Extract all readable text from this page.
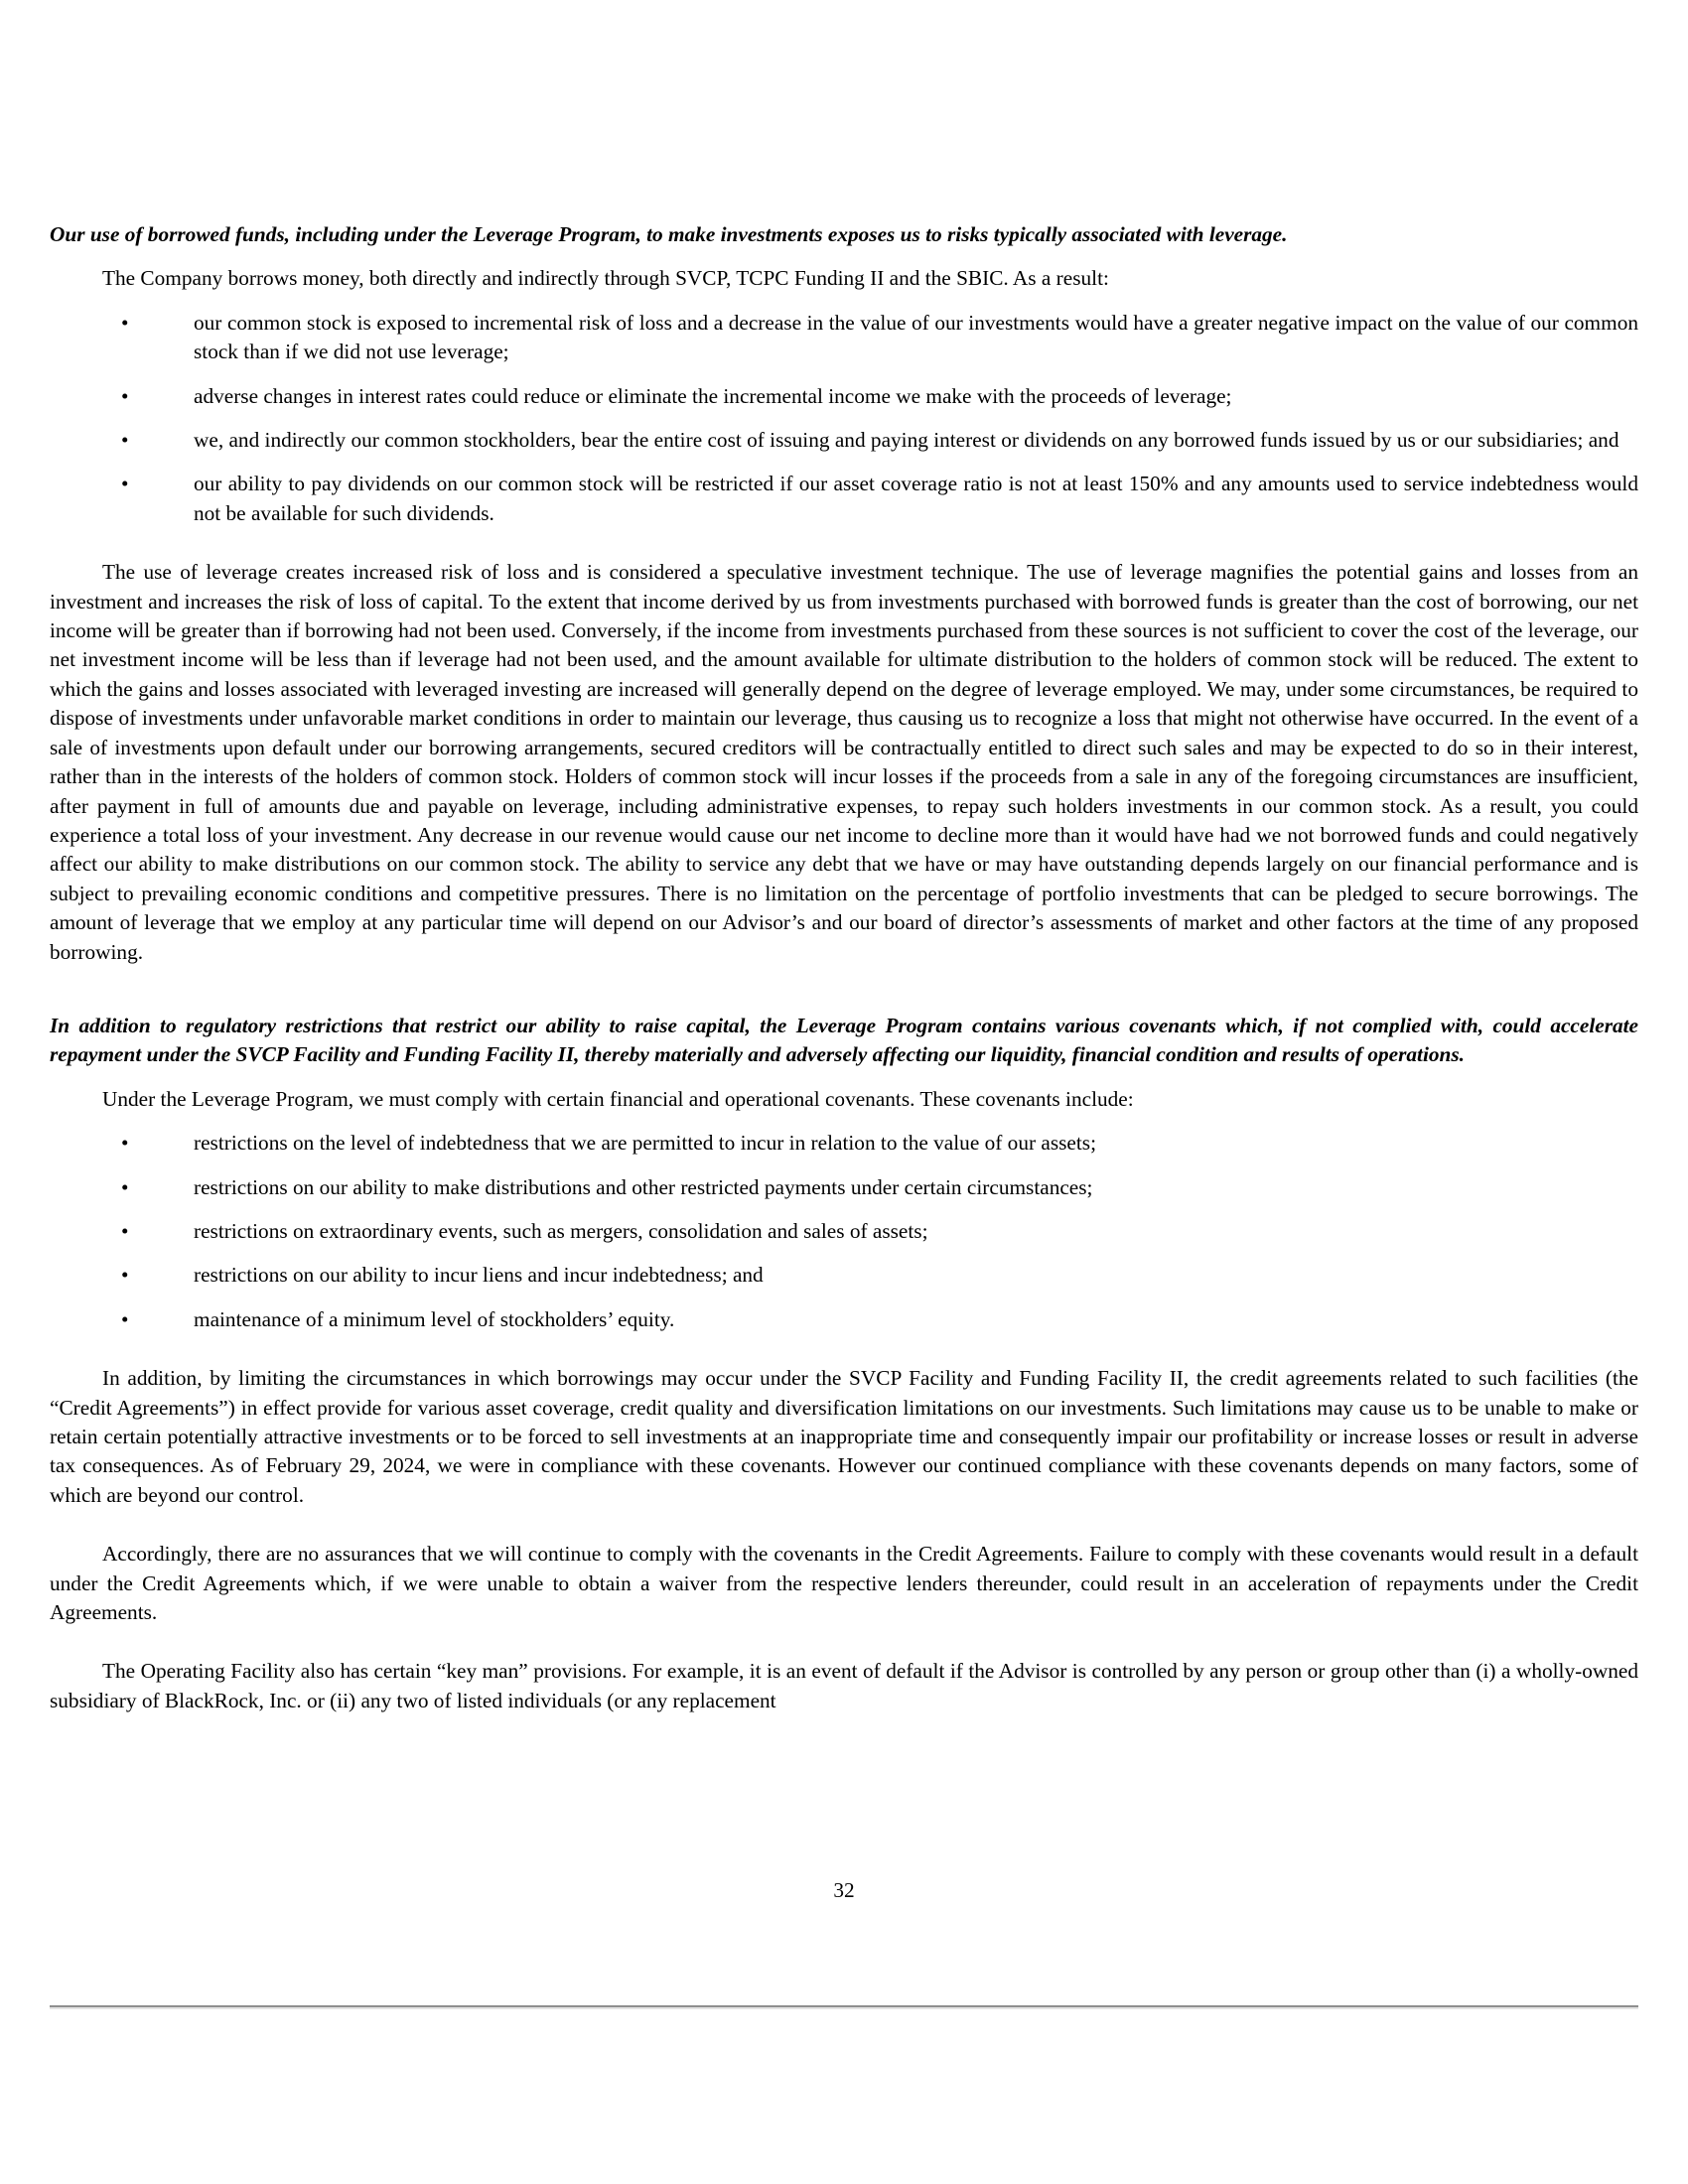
Our use of borrowed funds, including under the Leverage Program, to make investments exposes us to risks typically associated with leverage.

The Company borrows money, both directly and indirectly through SVCP, TCPC Funding II and the SBIC. As a result:

•	our common stock is exposed to incremental risk of loss and a decrease in the value of our investments would have a greater negative impact on the value of our common stock than if we did not use leverage;
•	adverse changes in interest rates could reduce or eliminate the incremental income we make with the proceeds of leverage;
•	we, and indirectly our common stockholders, bear the entire cost of issuing and paying interest or dividends on any borrowed funds issued by us or our subsidiaries; and
•	our ability to pay dividends on our common stock will be restricted if our asset coverage ratio is not at least 150% and any amounts used to service indebtedness would not be available for such dividends.

The use of leverage creates increased risk of loss and is considered a speculative investment technique. The use of leverage magnifies the potential gains and losses from an investment and increases the risk of loss of capital. To the extent that income derived by us from investments purchased with borrowed funds is greater than the cost of borrowing, our net income will be greater than if borrowing had not been used. Conversely, if the income from investments purchased from these sources is not sufficient to cover the cost of the leverage, our net investment income will be less than if leverage had not been used, and the amount available for ultimate distribution to the holders of common stock will be reduced. The extent to which the gains and losses associated with leveraged investing are increased will generally depend on the degree of leverage employed. We may, under some circumstances, be required to dispose of investments under unfavorable market conditions in order to maintain our leverage, thus causing us to recognize a loss that might not otherwise have occurred. In the event of a sale of investments upon default under our borrowing arrangements, secured creditors will be contractually entitled to direct such sales and may be expected to do so in their interest, rather than in the interests of the holders of common stock. Holders of common stock will incur losses if the proceeds from a sale in any of the foregoing circumstances are insufficient, after payment in full of amounts due and payable on leverage, including administrative expenses, to repay such holders investments in our common stock. As a result, you could experience a total loss of your investment. Any decrease in our revenue would cause our net income to decline more than it would have had we not borrowed funds and could negatively affect our ability to make distributions on our common stock. The ability to service any debt that we have or may have outstanding depends largely on our financial performance and is subject to prevailing economic conditions and competitive pressures. There is no limitation on the percentage of portfolio investments that can be pledged to secure borrowings. The amount of leverage that we employ at any particular time will depend on our Advisor’s and our board of director’s assessments of market and other factors at the time of any proposed borrowing.

In addition to regulatory restrictions that restrict our ability to raise capital, the Leverage Program contains various covenants which, if not complied with, could accelerate repayment under the SVCP Facility and Funding Facility II, thereby materially and adversely affecting our liquidity, financial condition and results of operations.

Under the Leverage Program, we must comply with certain financial and operational covenants. These covenants include:

•	restrictions on the level of indebtedness that we are permitted to incur in relation to the value of our assets;
•	restrictions on our ability to make distributions and other restricted payments under certain circumstances;
•	restrictions on extraordinary events, such as mergers, consolidation and sales of assets;
•	restrictions on our ability to incur liens and incur indebtedness; and
•	maintenance of a minimum level of stockholders’ equity.

In addition, by limiting the circumstances in which borrowings may occur under the SVCP Facility and Funding Facility II, the credit agreements related to such facilities (the “Credit Agreements”) in effect provide for various asset coverage, credit quality and diversification limitations on our investments. Such limitations may cause us to be unable to make or retain certain potentially attractive investments or to be forced to sell investments at an inappropriate time and consequently impair our profitability or increase losses or result in adverse tax consequences. As of February 29, 2024, we were in compliance with these covenants. However our continued compliance with these covenants depends on many factors, some of which are beyond our control.

Accordingly, there are no assurances that we will continue to comply with the covenants in the Credit Agreements. Failure to comply with these covenants would result in a default under the Credit Agreements which, if we were unable to obtain a waiver from the respective lenders thereunder, could result in an acceleration of repayments under the Credit Agreements.

The Operating Facility also has certain “key man” provisions. For example, it is an event of default if the Advisor is controlled by any person or group other than (i) a wholly-owned subsidiary of BlackRock, Inc. or (ii) any two of listed individuals (or any replacement

32
